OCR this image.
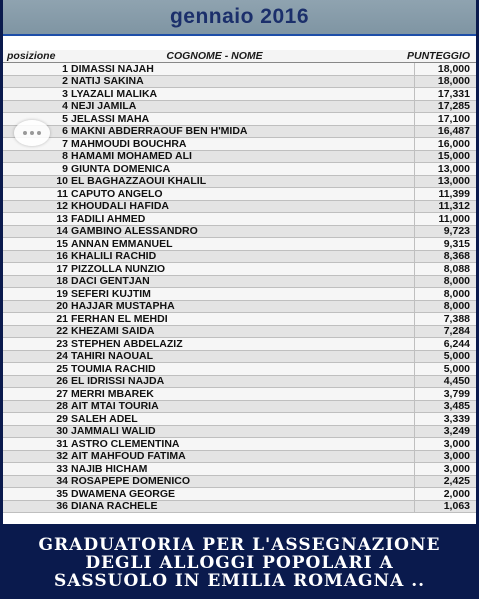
gennaio 2016
posizione	COGNOME - NOME	PUNTEGGIO
1 DIMASSI NAJAH	18,000
2 NATIJ SAKINA	18,000
3 LYAZALI MALIKA	17,331
4 NEJI JAMILA	17,285
5 JELASSI MAHA	17,100
6 MAKNI ABDERRAOUF BEN H'MIDA	16,487
7 MAHMOUDI BOUCHRA	16,000
8 HAMAMI MOHAMED ALI	15,000
9 GIUNTA DOMENICA	13,000
10 EL BAGHAZZAOUI KHALIL	13,000
11 CAPUTO ANGELO	11,399
12 KHOUDALI HAFIDA	11,312
13 FADILI AHMED	11,000
14 GAMBINO ALESSANDRO	9,723
15 ANNAN EMMANUEL	9,315
16 KHALILI RACHID	8,368
17 PIZZOLLA NUNZIO	8,088
18 DACI GENTJAN	8,000
19 SEFERI KUJTIM	8,000
20 HAJJAR MUSTAPHA	8,000
21 FERHAN EL MEHDI	7,388
22 KHEZAMI SAIDA	7,284
23 STEPHEN ABDELAZIZ	6,244
24 TAHIRI NAOUAL	5,000
25 TOUMIA RACHID	5,000
26 EL IDRISSI NAJDA	4,450
27 MERRI MBAREK	3,799
28 AIT MTAI TOURIA	3,485
29 SALEH ADEL	3,339
30 JAMMALI WALID	3,249
31 ASTRO CLEMENTINA	3,000
32 AIT MAHFOUD FATIMA	3,000
33 NAJIB HICHAM	3,000
34 ROSAPEPE DOMENICO	2,425
35 DWAMENA GEORGE	2,000
36 DIANA RACHELE	1,063
GRADUATORIA PER L'ASSEGNAZIONE
DEGLI ALLOGGI POPOLARI A
SASSUOLO IN EMILIA ROMAGNA ..
